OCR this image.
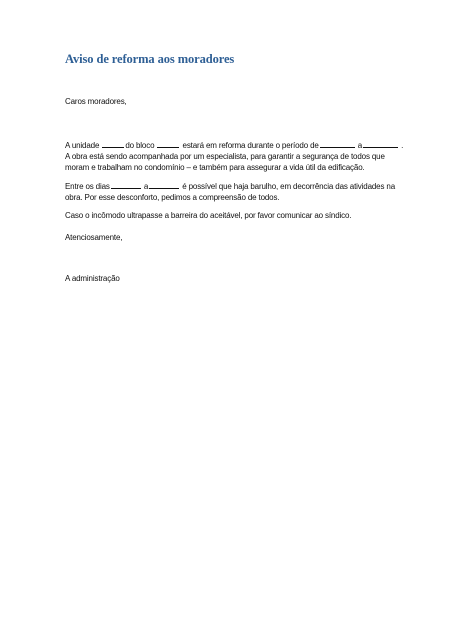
Aviso de reforma aos moradores
Caros moradores,
A unidade	do bloco	estará em reforma durante o período de	a	.
A obra está sendo acompanhada por um especialista, para garantir a segurança de todos que
moram e trabalham no condomínio – e também para assegurar a vida útil da edificação.
Entre os dias	a	é possível que haja barulho, em decorrência das atividades na
obra. Por esse desconforto, pedimos a compreensão de todos.
Caso o incômodo ultrapasse a barreira do aceitável, por favor comunicar ao síndico.
Atenciosamente,
A administração
